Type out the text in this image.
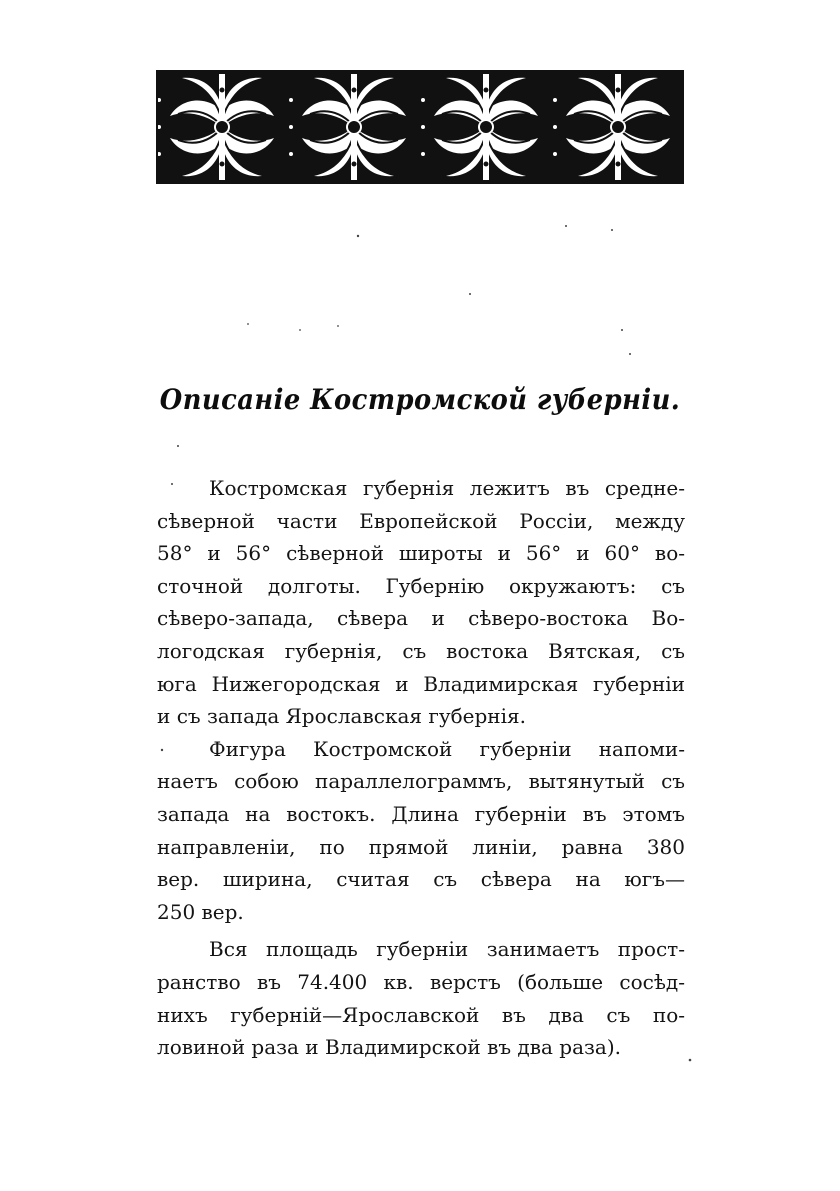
Описаніе Костромской губерніи.

Костромская губернія лежитъ въ средне-
сѣверной части Европейской Россіи, между
58° и 56° сѣверной широты и 56° и 60° во-
сточной долготы. Губернію окружаютъ: съ
сѣверо-запада, сѣвера и сѣверо-востока Во-
логодская губернія, съ востока Вятская, съ
юга Нижегородская и Владимирская губерніи
и съ запада Ярославская губернія.

Фигура Костромской губерніи напоми-
наетъ собою параллелограммъ, вытянутый съ
запада на востокъ. Длина губерніи въ этомъ
направленіи, по прямой линіи, равна 380
вер. ширина, считая съ сѣвера на югъ—
250 вер.

Вся площадь губерніи занимаетъ прост-
ранство въ 74.400 кв. верстъ (больше сосѣд-
нихъ губерній—Ярославской въ два съ по-
ловиной раза и Владимирской въ два раза).
